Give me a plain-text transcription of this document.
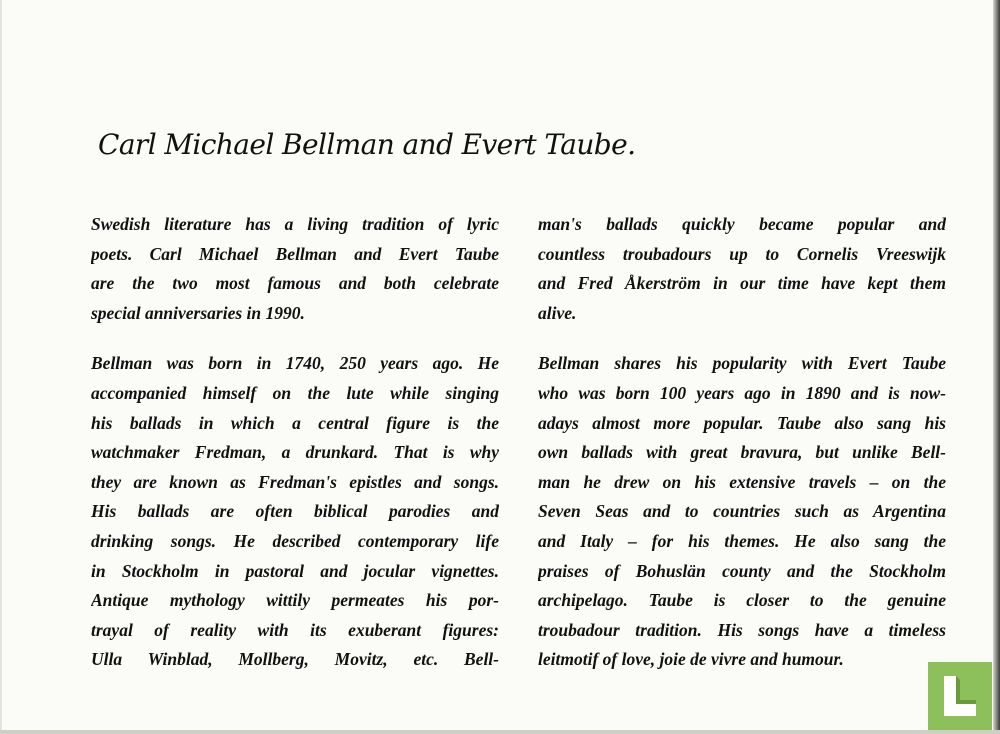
Carl Michael Bellman and Evert Taube.
Swedish literature has a living tradition of lyric
poets. Carl Michael Bellman and Evert Taube
are the two most famous and both celebrate
special anniversaries in 1990.
Bellman was born in 1740, 250 years ago. He
accompanied himself on the lute while singing
his ballads in which a central figure is the
watchmaker Fredman, a drunkard. That is why
they are known as Fredman's epistles and songs.
His ballads are often biblical parodies and
drinking songs. He described contemporary life
in Stockholm in pastoral and jocular vignettes.
Antique mythology wittily permeates his por-
trayal of reality with its exuberant figures:
Ulla Winblad, Mollberg, Movitz, etc. Bell-
man's ballads quickly became popular and
countless troubadours up to Cornelis Vreeswijk
and Fred Åkerström in our time have kept them
alive.
Bellman shares his popularity with Evert Taube
who was born 100 years ago in 1890 and is now-
adays almost more popular. Taube also sang his
own ballads with great bravura, but unlike Bell-
man he drew on his extensive travels – on the
Seven Seas and to countries such as Argentina
and Italy – for his themes. He also sang the
praises of Bohuslän county and the Stockholm
archipelago. Taube is closer to the genuine
troubadour tradition. His songs have a timeless
leitmotif of love, joie de vivre and humour.
